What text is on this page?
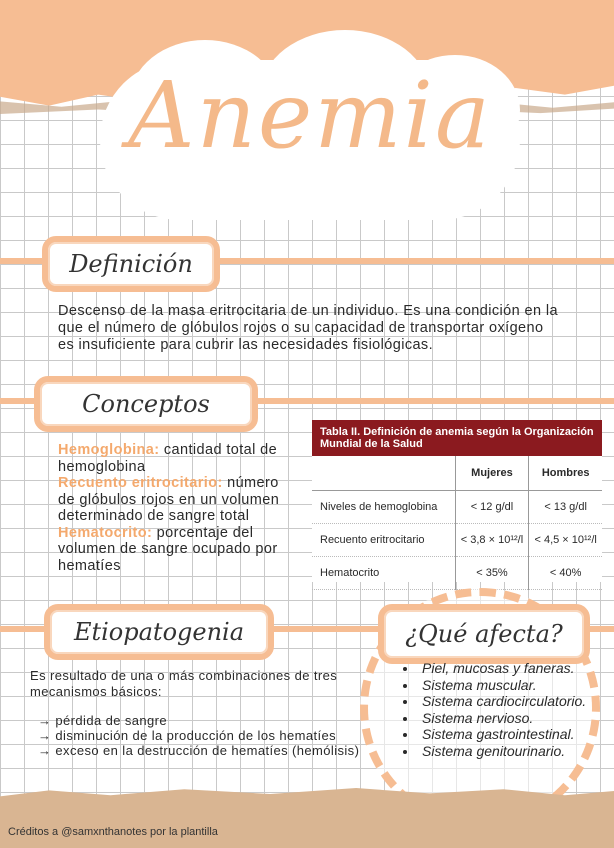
Anemia
Definición
Descenso de la masa eritrocitaria de un individuo. Es una condición en la
que el número de glóbulos rojos o su capacidad de transportar oxígeno
es insuficiente para cubrir las necesidades fisiológicas.
Conceptos
Hemoglobina: cantidad total de hemoglobina
Recuento eritrocitario: número de glóbulos rojos en un volumen determinado de sangre total
Hematocrito: porcentaje del volumen de sangre ocupado por hematíes
Tabla II. Definición de anemia según la Organización Mundial de la Salud
	Mujeres	Hombres
Niveles de hemoglobina	< 12 g/dl	< 13 g/dl
Recuento eritrocitario	< 3,8 × 10¹²/l	< 4,5 × 10¹²/l
Hematocrito	< 35%	< 40%
Etiopatogenia
Es resultado de una o más combinaciones de tres
mecanismos básicos:
→ pérdida de sangre
→ disminución de la producción de los hematíes
→ exceso en la destrucción de hematíes (hemólisis)
¿Qué afecta?
• Piel, mucosas y faneras.
• Sistema muscular.
• Sistema cardiocirculatorio.
• Sistema nervioso.
• Sistema gastrointestinal.
• Sistema genitourinario.
Créditos a @samxnthanotes por la plantilla
